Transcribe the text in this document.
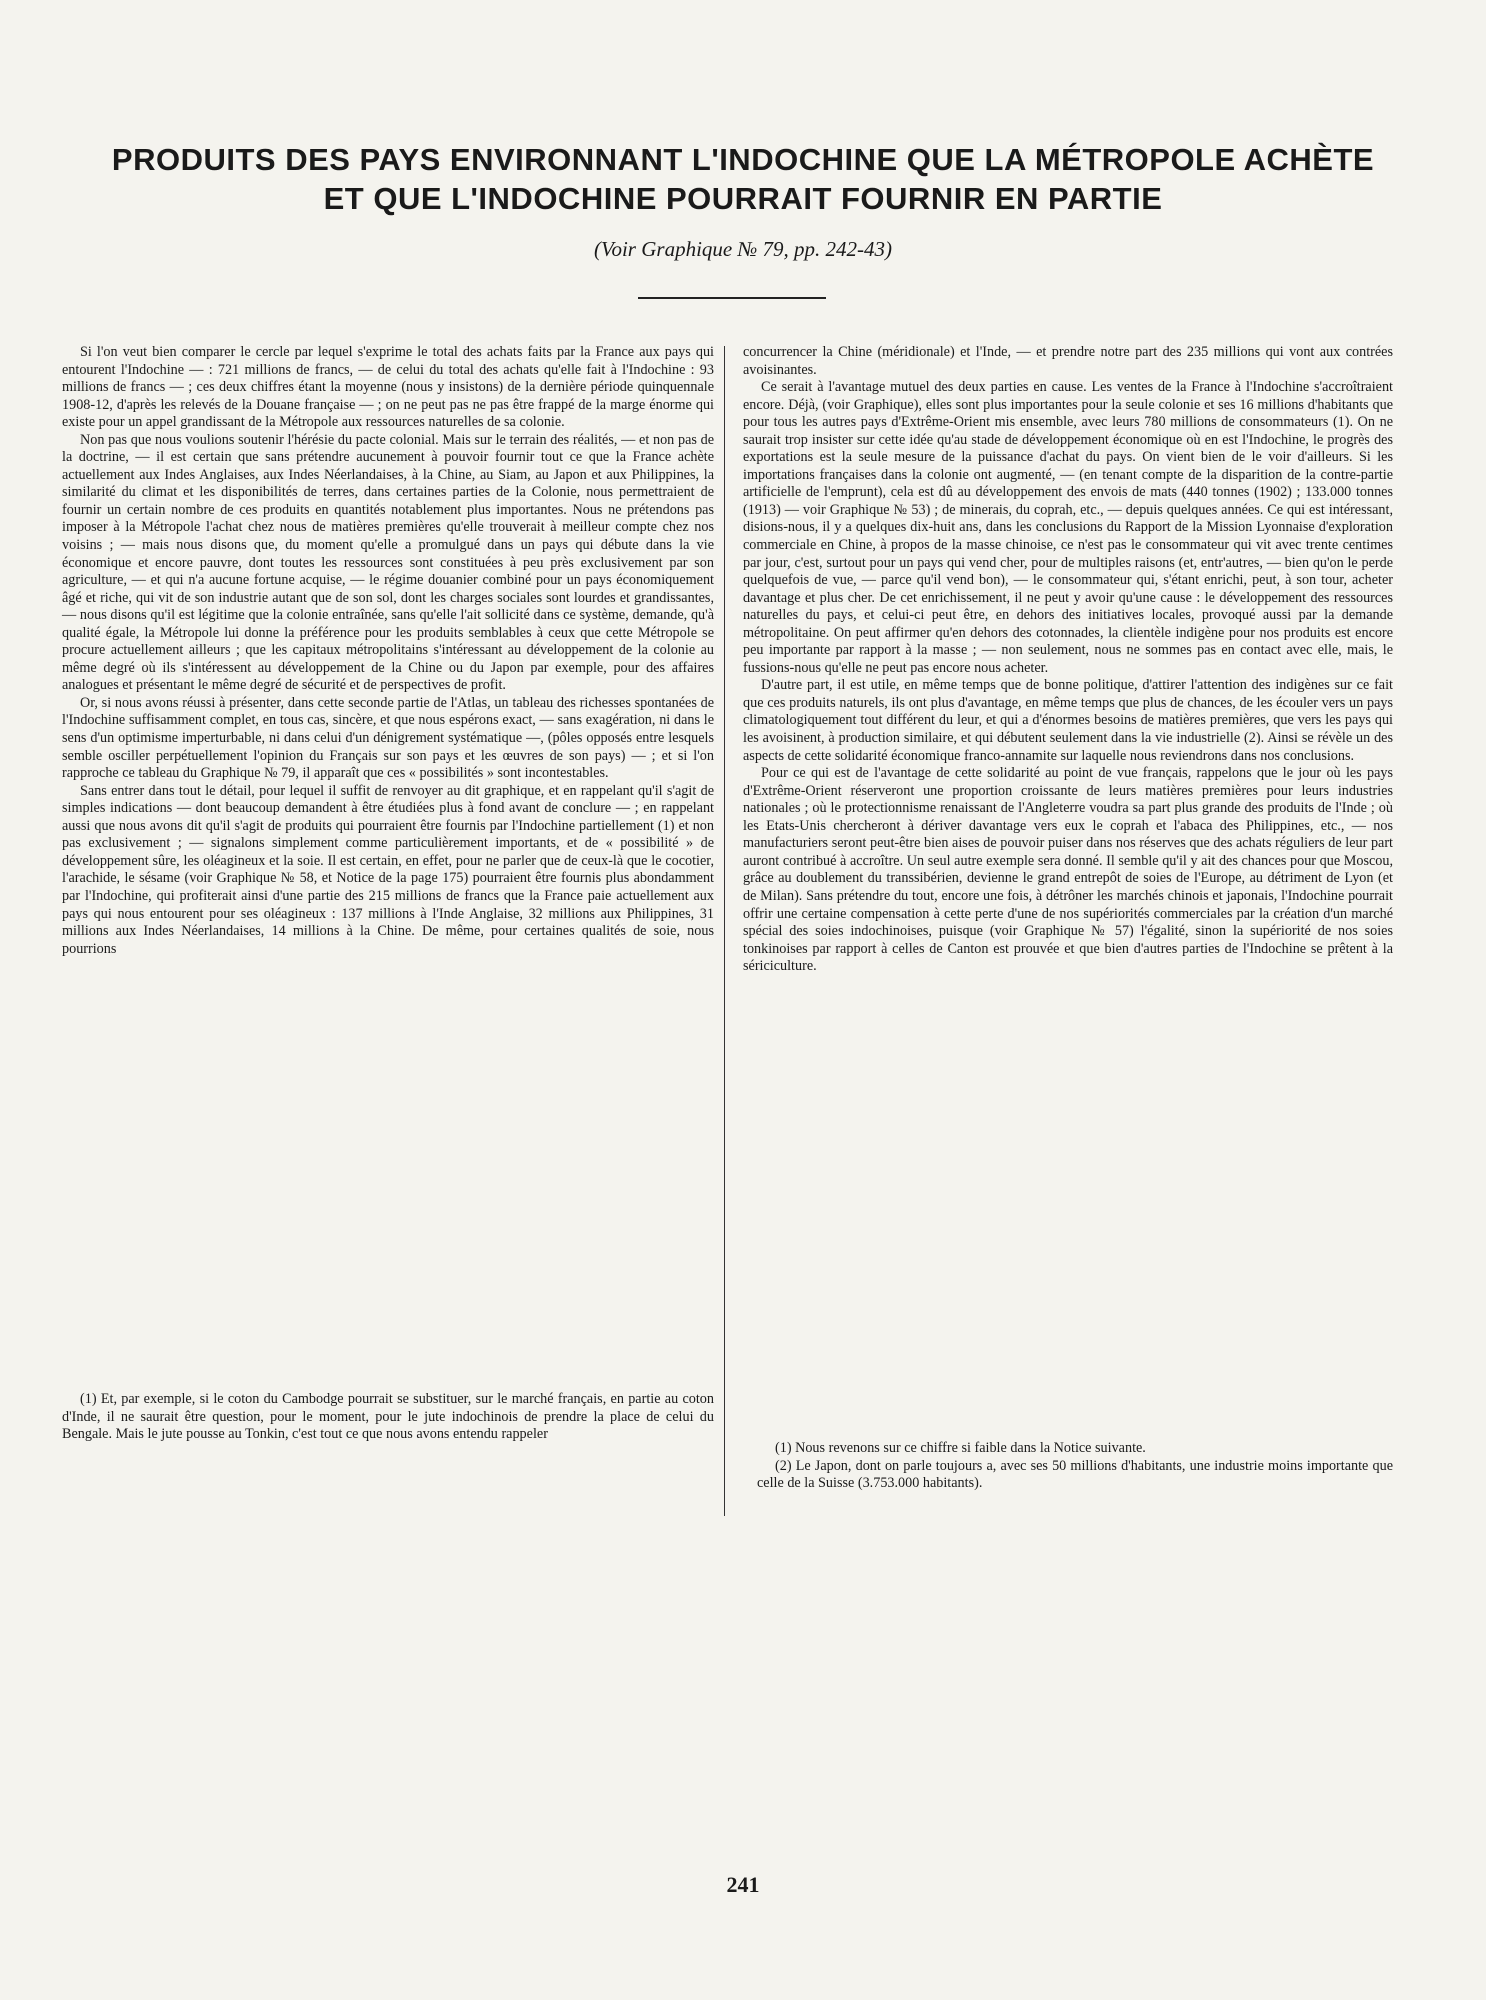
PRODUITS DES PAYS ENVIRONNANT L'INDOCHINE QUE LA MÉTROPOLE ACHÈTE
ET QUE L'INDOCHINE POURRAIT FOURNIR EN PARTIE
(Voir Graphique № 79, pp. 242-43)

Si l'on veut bien comparer le cercle par lequel s'exprime le total des achats faits par la France aux pays qui entourent l'Indochine — : 721 millions de francs, — de celui du total des achats qu'elle fait à l'Indochine : 93 millions de francs — ; ces deux chiffres étant la moyenne (nous y insistons) de la dernière période quinquennale 1908-12, d'après les relevés de la Douane française — ; on ne peut pas ne pas être frappé de la marge énorme qui existe pour un appel grandissant de la Métropole aux ressources naturelles de sa colonie.

Non pas que nous voulions soutenir l'hérésie du pacte colonial. Mais sur le terrain des réalités, — et non pas de la doctrine, — il est certain que sans prétendre aucunement à pouvoir fournir tout ce que la France achète actuellement aux Indes Anglaises, aux Indes Néerlandaises, à la Chine, au Siam, au Japon et aux Philippines, la similarité du climat et les disponibilités de terres, dans certaines parties de la Colonie, nous permettraient de fournir un certain nombre de ces produits en quantités notablement plus importantes. Nous ne prétendons pas imposer à la Métropole l'achat chez nous de matières premières qu'elle trouverait à meilleur compte chez nos voisins ; — mais nous disons que, du moment qu'elle a promulgué dans un pays qui débute dans la vie économique et encore pauvre, dont toutes les ressources sont constituées à peu près exclusivement par son agriculture, — et qui n'a aucune fortune acquise, — le régime douanier combiné pour un pays économiquement âgé et riche, qui vit de son industrie autant que de son sol, dont les charges sociales sont lourdes et grandissantes, — nous disons qu'il est légitime que la colonie entraînée, sans qu'elle l'ait sollicité dans ce système, demande, qu'à qualité égale, la Métropole lui donne la préférence pour les produits semblables à ceux que cette Métropole se procure actuellement ailleurs ; que les capitaux métropolitains s'intéressant au développement de la colonie au même degré où ils s'intéressent au développement de la Chine ou du Japon par exemple, pour des affaires analogues et présentant le même degré de sécurité et de perspectives de profit.

Or, si nous avons réussi à présenter, dans cette seconde partie de l'Atlas, un tableau des richesses spontanées de l'Indochine suffisamment complet, en tous cas, sincère, et que nous espérons exact, — sans exagération, ni dans le sens d'un optimisme imperturbable, ni dans celui d'un dénigrement systématique —, (pôles opposés entre lesquels semble osciller perpétuellement l'opinion du Français sur son pays et les œuvres de son pays) — ; et si l'on rapproche ce tableau du Graphique № 79, il apparaît que ces « possibilités » sont incontestables.

Sans entrer dans tout le détail, pour lequel il suffit de renvoyer au dit graphique, et en rappelant qu'il s'agit de simples indications — dont beaucoup demandent à être étudiées plus à fond avant de conclure — ; en rappelant aussi que nous avons dit qu'il s'agit de produits qui pourraient être fournis par l'Indochine partiellement (1) et non pas exclusivement ; — signalons simplement comme particulièrement importants, et de « possibilité » de développement sûre, les oléagineux et la soie. Il est certain, en effet, pour ne parler que de ceux-là que le cocotier, l'arachide, le sésame (voir Graphique № 58, et Notice de la page 175) pourraient être fournis plus abondamment par l'Indochine, qui profiterait ainsi d'une partie des 215 millions de francs que la France paie actuellement aux pays qui nous entourent pour ses oléagineux : 137 millions à l'Inde Anglaise, 32 millions aux Philippines, 31 millions aux Indes Néerlandaises, 14 millions à la Chine. De même, pour certaines qualités de soie, nous pourrions

concurrencer la Chine (méridionale) et l'Inde, — et prendre notre part des 235 millions qui vont aux contrées avoisinantes.

Ce serait à l'avantage mutuel des deux parties en cause. Les ventes de la France à l'Indochine s'accroîtraient encore. Déjà, (voir Graphique), elles sont plus importantes pour la seule colonie et ses 16 millions d'habitants que pour tous les autres pays d'Extrême-Orient mis ensemble, avec leurs 780 millions de consommateurs (1). On ne saurait trop insister sur cette idée qu'au stade de développement économique où en est l'Indochine, le progrès des exportations est la seule mesure de la puissance d'achat du pays. On vient bien de le voir d'ailleurs. Si les importations françaises dans la colonie ont augmenté, — (en tenant compte de la disparition de la contre-partie artificielle de l'emprunt), cela est dû au développement des envois de mats (440 tonnes (1902) ; 133.000 tonnes (1913) — voir Graphique № 53) ; de minerais, du coprah, etc., — depuis quelques années. Ce qui est intéressant, disions-nous, il y a quelques dix-huit ans, dans les conclusions du Rapport de la Mission Lyonnaise d'exploration commerciale en Chine, à propos de la masse chinoise, ce n'est pas le consommateur qui vit avec trente centimes par jour, c'est, surtout pour un pays qui vend cher, pour de multiples raisons (et, entr'autres, — bien qu'on le perde quelquefois de vue, — parce qu'il vend bon), — le consommateur qui, s'étant enrichi, peut, à son tour, acheter davantage et plus cher. De cet enrichissement, il ne peut y avoir qu'une cause : le développement des ressources naturelles du pays, et celui-ci peut être, en dehors des initiatives locales, provoqué aussi par la demande métropolitaine. On peut affirmer qu'en dehors des cotonnades, la clientèle indigène pour nos produits est encore peu importante par rapport à la masse ; — non seulement, nous ne sommes pas en contact avec elle, mais, le fussions-nous qu'elle ne peut pas encore nous acheter.

D'autre part, il est utile, en même temps que de bonne politique, d'attirer l'attention des indigènes sur ce fait que ces produits naturels, ils ont plus d'avantage, en même temps que plus de chances, de les écouler vers un pays climatologiquement tout différent du leur, et qui a d'énormes besoins de matières premières, que vers les pays qui les avoisinent, à production similaire, et qui débutent seulement dans la vie industrielle (2). Ainsi se révèle un des aspects de cette solidarité économique franco-annamite sur laquelle nous reviendrons dans nos conclusions.

Pour ce qui est de l'avantage de cette solidarité au point de vue français, rappelons que le jour où les pays d'Extrême-Orient réserveront une proportion croissante de leurs matières premières pour leurs industries nationales ; où le protectionnisme renaissant de l'Angleterre voudra sa part plus grande des produits de l'Inde ; où les Etats-Unis chercheront à dériver davantage vers eux le coprah et l'abaca des Philippines, etc., — nos manufacturiers seront peut-être bien aises de pouvoir puiser dans nos réserves que des achats réguliers de leur part auront contribué à accroître. Un seul autre exemple sera donné. Il semble qu'il y ait des chances pour que Moscou, grâce au doublement du transsibérien, devienne le grand entrepôt de soies de l'Europe, au détriment de Lyon (et de Milan). Sans prétendre du tout, encore une fois, à détrôner les marchés chinois et japonais, l'Indochine pourrait offrir une certaine compensation à cette perte d'une de nos supériorités commerciales par la création d'un marché spécial des soies indochinoises, puisque (voir Graphique № 57) l'égalité, sinon la supériorité de nos soies tonkinoises par rapport à celles de Canton est prouvée et que bien d'autres parties de l'Indochine se prêtent à la sériciculture.

(1) Et, par exemple, si le coton du Cambodge pourrait se substituer, sur le marché français, en partie au coton d'Inde, il ne saurait être question, pour le moment, pour le jute indochinois de prendre la place de celui du Bengale. Mais le jute pousse au Tonkin, c'est tout ce que nous avons entendu rappeler

(1) Nous revenons sur ce chiffre si faible dans la Notice suivante.

(2) Le Japon, dont on parle toujours a, avec ses 50 millions d'habitants, une industrie moins importante que celle de la Suisse (3.753.000 habitants).

241
